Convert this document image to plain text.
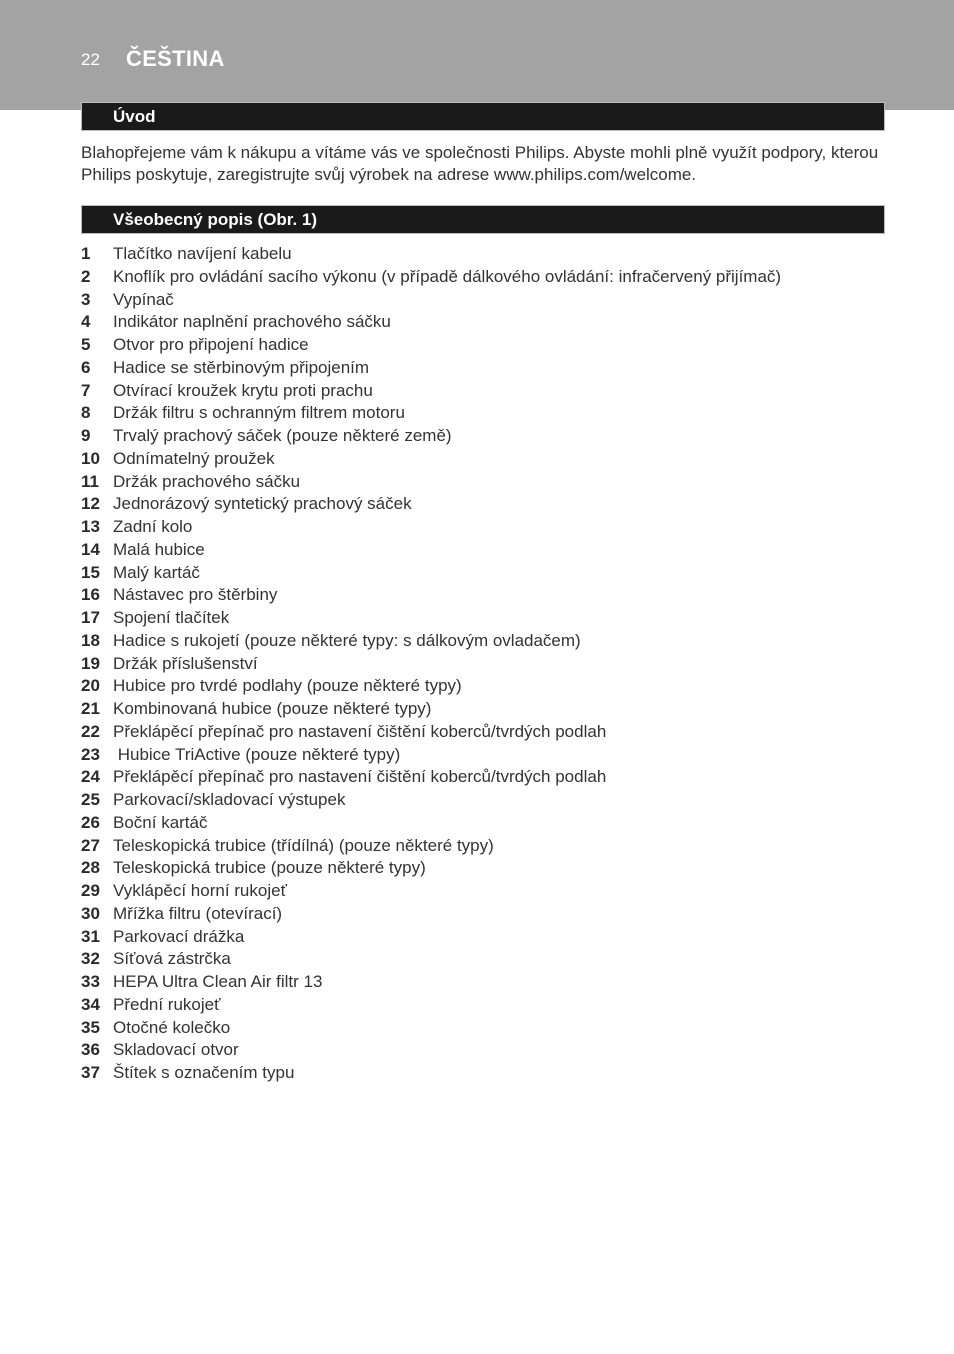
22 ČEŠTINA
Úvod

Blahopřejeme vám k nákupu a vítáme vás ve společnosti Philips. Abyste mohli plně využít podpory, kterou Philips poskytuje, zaregistrujte svůj výrobek na adrese www.philips.com/welcome.

Všeobecný popis (Obr. 1)
1 Tlačítko navíjení kabelu
2 Knoflík pro ovládání sacího výkonu (v případě dálkového ovládání: infračervený přijímač)
3 Vypínač
4 Indikátor naplnění prachového sáčku
5 Otvor pro připojení hadice
6 Hadice se stěrbinovým připojením
7 Otvírací kroužek krytu proti prachu
8 Držák filtru s ochranným filtrem motoru
9 Trvalý prachový sáček (pouze některé země)
10 Odnímatelný proužek
11 Držák prachového sáčku
12 Jednorázový syntetický prachový sáček
13 Zadní kolo
14 Malá hubice
15 Malý kartáč
16 Nástavec pro štěrbiny
17 Spojení tlačítek
18 Hadice s rukojetí (pouze některé typy: s dálkovým ovladačem)
19 Držák příslušenství
20 Hubice pro tvrdé podlahy (pouze některé typy)
21 Kombinovaná hubice (pouze některé typy)
22 Překlápěcí přepínač pro nastavení čištění koberců/tvrdých podlah
23 Hubice TriActive (pouze některé typy)
24 Překlápěcí přepínač pro nastavení čištění koberců/tvrdých podlah
25 Parkovací/skladovací výstupek
26 Boční kartáč
27 Teleskopická trubice (třídílná) (pouze některé typy)
28 Teleskopická trubice (pouze některé typy)
29 Vyklápěcí horní rukojeť
30 Mřížka filtru (otevírací)
31 Parkovací drážka
32 Síťová zástrčka
33 HEPA Ultra Clean Air filtr 13
34 Přední rukojeť
35 Otočné kolečko
36 Skladovací otvor
37 Štítek s označením typu
